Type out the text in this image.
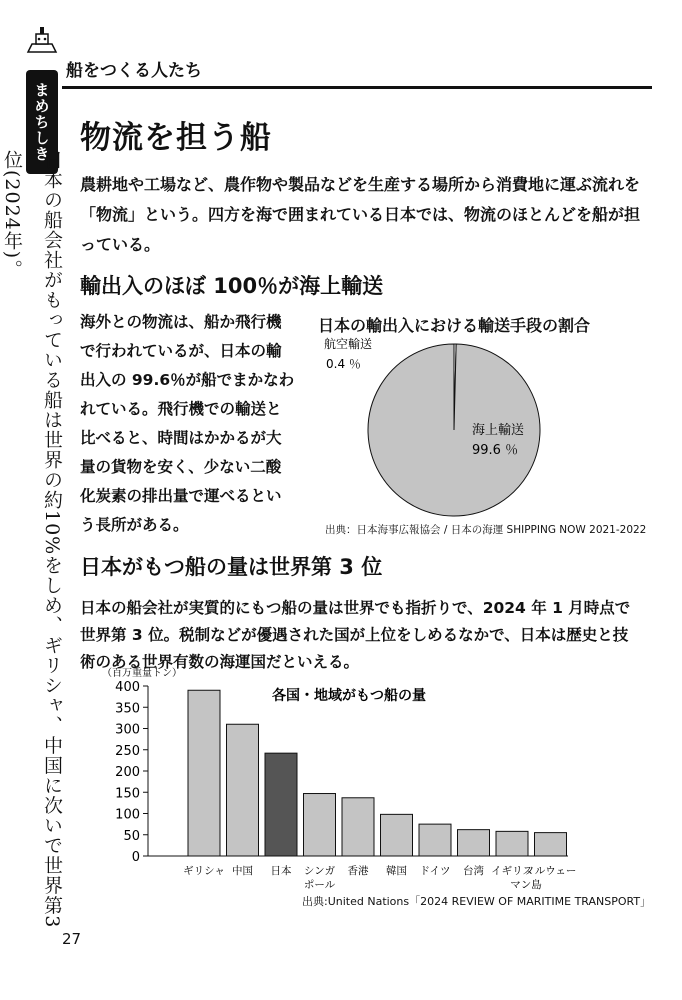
船をつくる人たち
まめちしき
日本の船会社がもっている船は世界の約10%をしめ、ギリシャ、中国に次いで世界第3位(2024年)。
物流を担う船
農耕地や工場など、農作物や製品などを生産する場所から消費地に運ぶ流れを「物流」という。四方を海で囲まれている日本では、物流のほとんどを船が担っている。
輸出入のほぼ 100％が海上輸送
海外との物流は、船か飛行機で行われているが、日本の輸出入の 99.6％が船でまかなわれている。飛行機での輸送と比べると、時間はかかるが大量の貨物を安く、少ない二酸化炭素の排出量で運べるという長所がある。
日本の輸出入における輸送手段の割合
航空輸送
0.4 ％
海上輸送
99.6 ％
出典：日本海事広報協会 / 日本の海運 SHIPPING NOW 2021-2022
日本がもつ船の量は世界第 3 位
日本の船会社が実質的にもつ船の量は世界でも指折りで、2024 年 1 月時点で世界第 3 位。税制などが優遇された国が上位をしめるなかで、日本は歴史と技術のある世界有数の海運国だといえる。
（百万重量トン）
各国・地域がもつ船の量
0
50
100
150
200
250
300
350
400
ギリシャ 中国 日本 シンガ
ポール
香港 韓国 ドイツ 台湾 イギリス
ノルウェー
マン島
出典:United Nations「2024 REVIEW OF MARITIME TRANSPORT」
27
